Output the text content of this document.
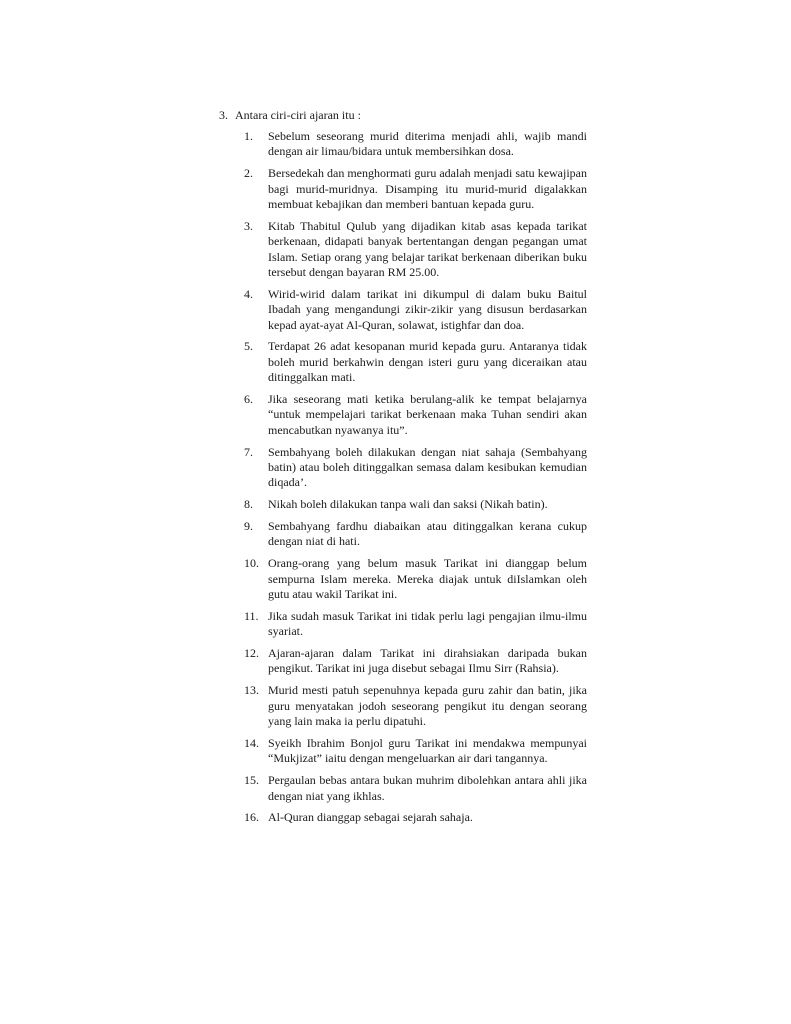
3. Antara ciri-ciri ajaran itu :
1.	Sebelum seseorang murid diterima menjadi ahli, wajib mandi dengan air limau/bidara untuk membersihkan dosa.
2.	Bersedekah dan menghormati guru adalah menjadi satu kewajipan bagi murid-muridnya. Disamping itu murid-murid digalakkan membuat kebajikan dan memberi bantuan kepada guru.
3.	Kitab Thabitul Qulub yang dijadikan kitab asas kepada tarikat berkenaan, didapati banyak bertentangan dengan pegangan umat Islam. Setiap orang yang belajar tarikat berkenaan diberikan buku tersebut dengan bayaran RM 25.00.
4.	Wirid-wirid dalam tarikat ini dikumpul di dalam buku Baitul Ibadah yang mengandungi zikir-zikir yang disusun berdasarkan kepad ayat-ayat Al-Quran, solawat, istighfar dan doa.
5.	Terdapat 26 adat kesopanan murid kepada guru. Antaranya tidak boleh murid berkahwin dengan isteri guru yang diceraikan atau ditinggalkan mati.
6.	Jika seseorang mati ketika berulang-alik ke tempat belajarnya “untuk mempelajari tarikat berkenaan maka Tuhan sendiri akan mencabutkan nyawanya itu”.
7.	Sembahyang boleh dilakukan dengan niat sahaja (Sembahyang batin) atau boleh ditinggalkan semasa dalam kesibukan kemudian diqada’.
8.	Nikah boleh dilakukan tanpa wali dan saksi (Nikah batin).
9.	Sembahyang fardhu diabaikan atau ditinggalkan kerana cukup dengan niat di hati.
10. Orang-orang yang belum masuk Tarikat ini dianggap belum sempurna Islam mereka. Mereka diajak untuk diIslamkan oleh gutu atau wakil Tarikat ini.
11. Jika sudah masuk Tarikat ini tidak perlu lagi pengajian ilmu-ilmu syariat.
12. Ajaran-ajaran dalam Tarikat ini dirahsiakan daripada bukan pengikut. Tarikat ini juga disebut sebagai Ilmu Sirr (Rahsia).
13. Murid mesti patuh sepenuhnya kepada guru zahir dan batin, jika guru menyatakan jodoh seseorang pengikut itu dengan seorang yang lain maka ia perlu dipatuhi.
14. Syeikh Ibrahim Bonjol guru Tarikat ini mendakwa mempunyai “Mukjizat” iaitu dengan mengeluarkan air dari tangannya.
15. Pergaulan bebas antara bukan muhrim dibolehkan antara ahli jika dengan niat yang ikhlas.
16. Al-Quran dianggap sebagai sejarah sahaja.
